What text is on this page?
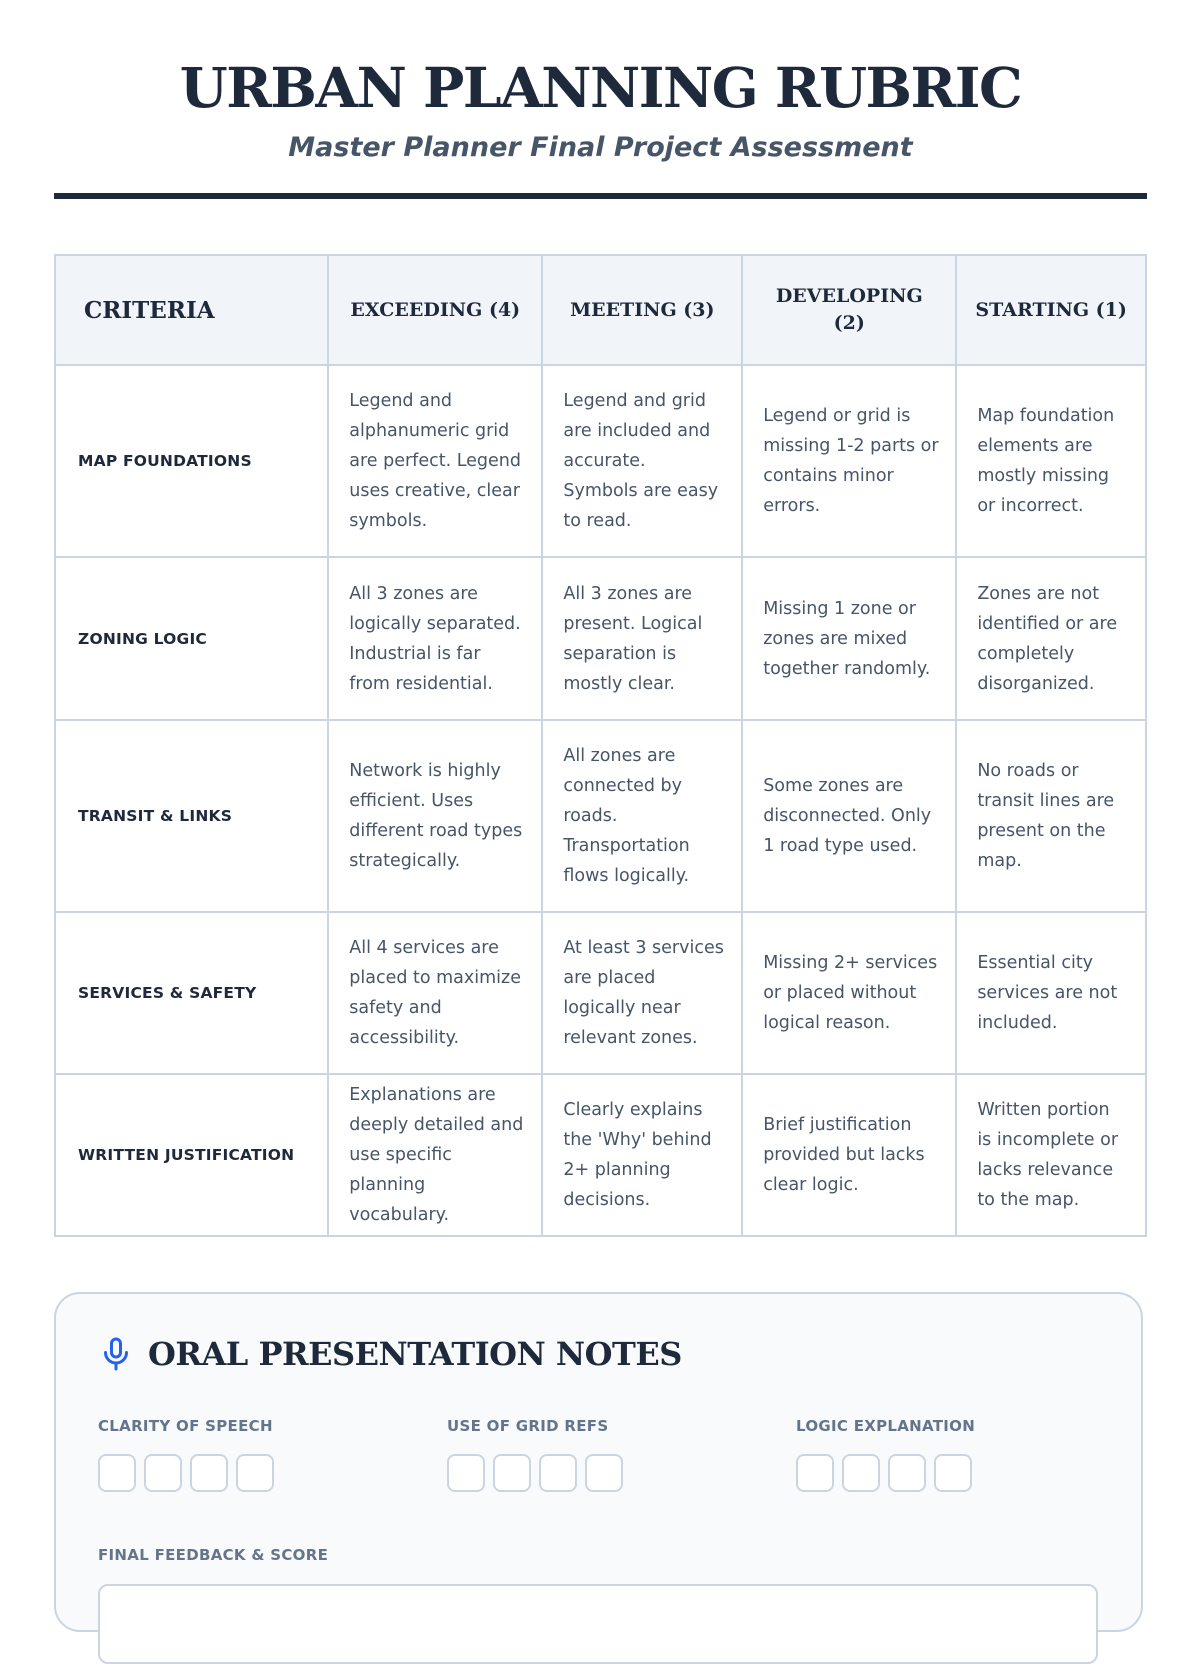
URBAN PLANNING RUBRIC
Master Planner Final Project Assessment
CRITERIA	EXCEEDING (4)	MEETING (3)	DEVELOPING (2)	STARTING (1)
MAP FOUNDATIONS	Legend and alphanumeric grid are perfect. Legend uses creative, clear symbols.	Legend and grid are included and accurate. Symbols are easy to read.	Legend or grid is missing 1-2 parts or contains minor errors.	Map foundation elements are mostly missing or incorrect.
ZONING LOGIC	All 3 zones are logically separated. Industrial is far from residential.	All 3 zones are present. Logical separation is mostly clear.	Missing 1 zone or zones are mixed together randomly.	Zones are not identified or are completely disorganized.
TRANSIT & LINKS	Network is highly efficient. Uses different road types strategically.	All zones are connected by roads. Transportation flows logically.	Some zones are disconnected. Only 1 road type used.	No roads or transit lines are present on the map.
SERVICES & SAFETY	All 4 services are placed to maximize safety and accessibility.	At least 3 services are placed logically near relevant zones.	Missing 2+ services or placed without logical reason.	Essential city services are not included.
WRITTEN JUSTIFICATION	Explanations are deeply detailed and use specific planning vocabulary.	Clearly explains the 'Why' behind 2+ planning decisions.	Brief justification provided but lacks clear logic.	Written portion is incomplete or lacks relevance to the map.
ORAL PRESENTATION NOTES
CLARITY OF SPEECH	USE OF GRID REFS	LOGIC EXPLANATION
FINAL FEEDBACK & SCORE
